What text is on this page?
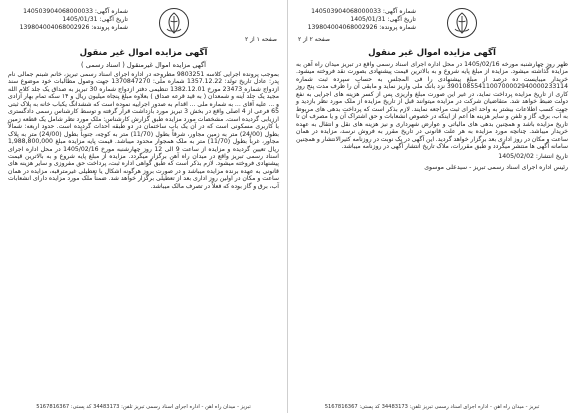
شماره آگهی: 140503904068000033
تاریخ آگهی: 1405/01/31
شماره پرونده: 139804004068002926
صفحه ۱ از ۲
آگهی مزایده اموال غیر منقول
آگهی مزایده اموال غیرمنقول ( اسناد رسمی )
بموجب پرونده اجرایی کلاسه 9803251 مطروحه در اداره اجرای اسناد رسمی تبریز، خانم شبنم جمالی نام پدر: عادل تاریخ تولد: 1357.12.22 شماره ملی: 1370847270 جهت وصول مطالبات خود موضوع سند ازدواج شماره 23473 مورخ 1382.12.01 تنظیمی دفتر ازدواج شماره 30 تبریز به صداق یک جلد کلام الله مجید یک جلد آینه و شمعدان ( به قید قرعه صداق ) بعلاوه مبلغ پنجاه میلیون ریال و ۱۴ سکه تمام بهار آزادی و ... علیه آقای ... به شماره ملی ... اقدام به صدور اجراییه نموده است که ششدانگ یکباب خانه به پلاک ثبتی 65 فرعی از 4 اصلی واقع در بخش 3 تبریز مورد بازداشت قرار گرفته و توسط کارشناس رسمی دادگستری ارزیابی گردیده است. مشخصات مورد مزایده طبق گزارش کارشناس: ملک مورد نظر شامل یک قطعه زمین با کاربری مسکونی است که در آن یک باب ساختمان در دو طبقه احداث گردیده است. حدود اربعه: شمالاً بطول (24/00) متر به زمین مجاور، شرقاً بطول (11/70) متر به کوچه، جنوباً بطول (24/00) متر به پلاک مجاور، غرباً بطول (11/70) متر به ملک همجوار محدود میباشد. قیمت پایه مزایده مبلغ 1,988,800,000 ریال تعیین گردیده و مزایده از ساعت 9 الی 12 روز چهارشنبه مورخ 1405/02/16 در محل اداره اجرای اسناد رسمی تبریز واقع در میدان راه آهن برگزار میگردد. مزایده از مبلغ پایه شروع و به بالاترین قیمت پیشنهادی فروخته میشود. لازم بذکر است که طبق گواهی اداره ثبت، پرداخت حق مفروزی و سایر هزینه های قانونی به عهده برنده مزایده میباشد و در صورت بروز هرگونه اشکال یا تعطیلی غیرمترقبه، مزایده در همان ساعت و مکان در اولین روز اداری بعد از تعطیلی برگزار خواهد شد. ضمناً ملک مورد مزایده دارای انشعابات آب، برق و گاز بوده که فعلاً در تصرف مالک میباشد.
تبریز - میدان راه آهن - اداره اجرای اسناد رسمی تبریز تلفن: 34483173 کد پستی: 5167816367
شماره آگهی: 140503904068000033
تاریخ آگهی: 1405/01/31
شماره پرونده: 139804004068002926
صفحه ۲ از ۲
آگهی مزایده اموال غیر منقول
ظهر روز چهارشنبه مورخه 1405/02/16 در محل اداره اجرای اسناد رسمی واقع در تبریز میدان راه آهن به مزایده گذاشته میشود. مزایده از مبلغ پایه شروع و به بالاترین قیمت پیشنهادی بصورت نقد فروخته میشود. خریدار میبایست ده درصد از مبلغ پیشنهادی را فی المجلس به حساب سپرده ثبت شماره 3901085541100700002940000233114 نزد بانک ملی واریز نماید و مابقی آن را ظرف مدت پنج روز کاری از تاریخ مزایده پرداخت نماید، در غیر این صورت مبلغ واریزی پس از کسر هزینه های اجرایی به نفع دولت ضبط خواهد شد. متقاضیان شرکت در مزایده میتوانند قبل از تاریخ مزایده از ملک مورد نظر بازدید و جهت کسب اطلاعات بیشتر به واحد اجرای ثبت مراجعه نمایند. لازم بذکر است که پرداخت بدهی های مربوط به آب، برق، گاز و تلفن و سایر هزینه ها اعم از اینکه در خصوص انشعابات و حق اشتراک آن و یا مصرف آن تا تاریخ مزایده باشد و همچنین بدهی های مالیاتی و عوارض شهرداری و نیز هزینه های نقل و انتقال به عهده خریدار میباشد. چنانچه مورد مزایده به هر علت قانونی در تاریخ مقرر به فروش نرسد، مزایده در همان ساعت و مکان در روز اداری بعد برگزار خواهد گردید. این آگهی در یک نوبت در روزنامه کثیرالانتشار و همچنین سامانه آگهی ها منتشر میگردد و طبق مقررات، ملاک تاریخ انتشار آگهی در روزنامه میباشد.
تاریخ انتشار: 1405/02/02
رئیس اداره اجرای اسناد رسمی تبریز - سیدعلی موسوی
تبریز - میدان راه آهن - اداره اجرای اسناد رسمی تبریز تلفن: 34483173 کد پستی: 5167816367
